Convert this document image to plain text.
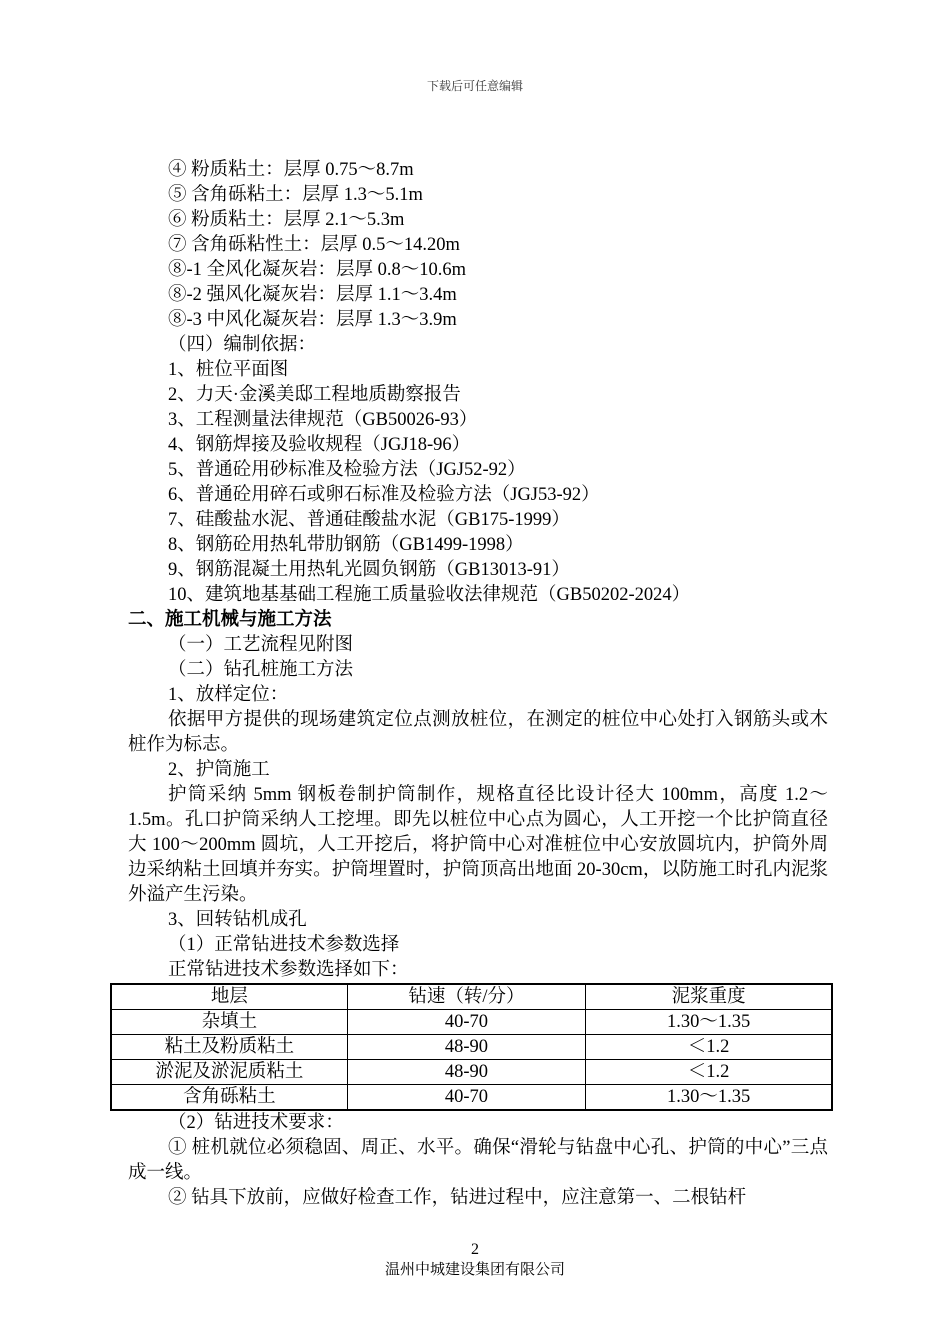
下载后可任意编辑
④ 粉质粘土：层厚 0.75～8.7m
⑤ 含角砾粘土：层厚 1.3～5.1m
⑥ 粉质粘土：层厚 2.1～5.3m
⑦ 含角砾粘性土：层厚 0.5～14.20m
⑧-1 全风化凝灰岩：层厚 0.8～10.6m
⑧-2 强风化凝灰岩：层厚 1.1～3.4m
⑧-3 中风化凝灰岩：层厚 1.3～3.9m
（四）编制依据：
1、桩位平面图
2、力天·金溪美邸工程地质勘察报告
3、工程测量法律规范（GB50026-93）
4、钢筋焊接及验收规程（JGJ18-96）
5、普通砼用砂标准及检验方法（JGJ52-92）
6、普通砼用碎石或卵石标准及检验方法（JGJ53-92）
7、硅酸盐水泥、普通硅酸盐水泥（GB175-1999）
8、钢筋砼用热轧带肋钢筋（GB1499-1998）
9、钢筋混凝土用热轧光圆负钢筋（GB13013-91）
10、建筑地基基础工程施工质量验收法律规范（GB50202-2024）
二、施工机械与施工方法
（一）工艺流程见附图
（二）钻孔桩施工方法
1、放样定位：
依据甲方提供的现场建筑定位点测放桩位，在测定的桩位中心处打入钢筋头或木桩作为标志。
2、护筒施工
护筒采纳 5mm 钢板卷制护筒制作，规格直径比设计径大 100mm，高度 1.2～1.5m。孔口护筒采纳人工挖埋。即先以桩位中心点为圆心，人工开挖一个比护筒直径大 100～200mm 圆坑，人工开挖后，将护筒中心对准桩位中心安放圆坑内，护筒外周边采纳粘土回填并夯实。护筒埋置时，护筒顶高出地面 20-30cm，以防施工时孔内泥浆外溢产生污染。
3、回转钻机成孔
（1）正常钻进技术参数选择
正常钻进技术参数选择如下：
地层	钻速（转/分）	泥浆重度
杂填土	40-70	1.30～1.35
粘土及粉质粘土	48-90	＜1.2
淤泥及淤泥质粘土	48-90	＜1.2
含角砾粘土	40-70	1.30～1.35
（2）钻进技术要求：
① 桩机就位必须稳固、周正、水平。确保“滑轮与钻盘中心孔、护筒的中心”三点成一线。
② 钻具下放前，应做好检查工作，钻进过程中，应注意第一、二根钻杆
2
温州中城建设集团有限公司
